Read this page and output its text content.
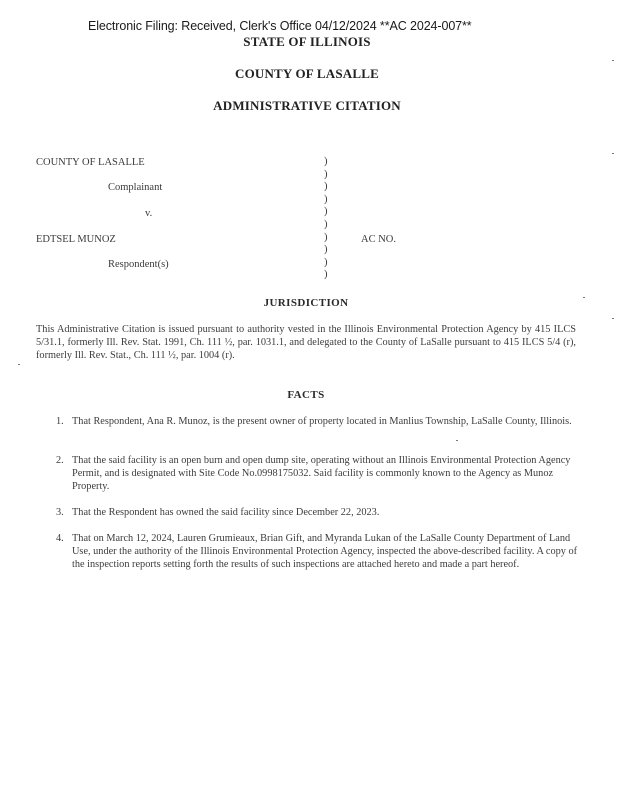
Electronic Filing: Received, Clerk's Office 04/12/2024 **AC 2024-007**
STATE OF ILLINOIS
COUNTY OF LASALLE
ADMINISTRATIVE CITATION
COUNTY OF LASALLE
Complainant
v.
EDTSEL MUNOZ
Respondent(s)
AC NO.
)
)
)
)
)
)
)
)
)
)
JURISDICTION
This Administrative Citation is issued pursuant to authority vested in the Illinois Environmental Protection Agency by 415 ILCS 5/31.1, formerly Ill. Rev. Stat. 1991, Ch. 111 ½, par. 1031.1, and delegated to the County of LaSalle pursuant to 415 ILCS 5/4 (r), formerly Ill. Rev. Stat., Ch. 111 ½, par. 1004 (r).
FACTS
1. That Respondent, Ana R. Munoz, is the present owner of property located in Manlius Township, LaSalle County, Illinois.
2. That the said facility is an open burn and open dump site, operating without an Illinois Environmental Protection Agency Permit, and is designated with Site Code No.0998175032. Said facility is commonly known to the Agency as Munoz Property.
3. That the Respondent has owned the said facility since December 22, 2023.
4. That on March 12, 2024, Lauren Grumieaux, Brian Gift, and Myranda Lukan of the LaSalle County Department of Land Use, under the authority of the Illinois Environmental Protection Agency, inspected the above-described facility. A copy of the inspection reports setting forth the results of such inspections are attached hereto and made a part hereof.
